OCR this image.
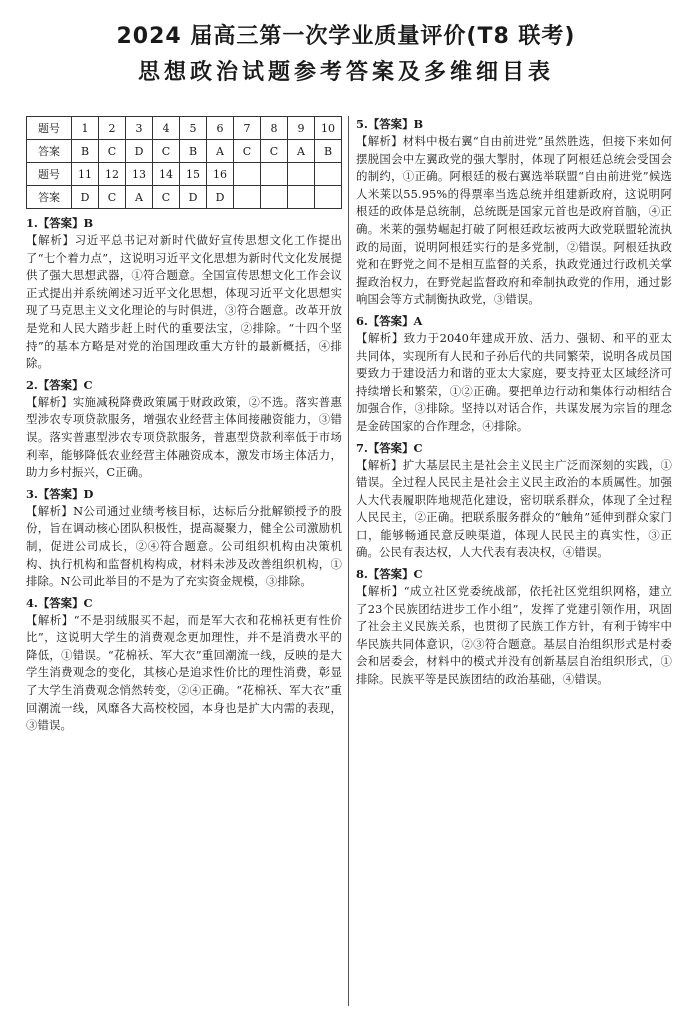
2024 届高三第一次学业质量评价(T8 联考)
思想政治试题参考答案及多维细目表
题号	1	2	3	4	5	6	7	8	9	10
答案	B	C	D	C	B	A	C	C	A	B
题号	11	12	13	14	15	16				
答案	D	C	A	C	D	D				

1.【答案】B

【解析】习近平总书记对新时代做好宣传思想文化工作提出了“七个着力点”，这说明习近平文化思想为新时代文化发展提供了强大思想武器，①符合题意。全国宣传思想文化工作会议正式提出并系统阐述习近平文化思想，体现习近平文化思想实现了马克思主义文化理论的与时俱进，③符合题意。改革开放是党和人民大踏步赶上时代的重要法宝，②排除。“十四个坚持”的基本方略是对党的治国理政重大方针的最新概括，④排除。

2.【答案】C

【解析】实施减税降费政策属于财政政策，②不选。落实普惠型涉农专项贷款服务，增强农业经营主体间接融资能力，③错误。落实普惠型涉农专项贷款服务，普惠型贷款利率低于市场利率，能够降低农业经营主体融资成本，激发市场主体活力，助力乡村振兴，C正确。

3.【答案】D

【解析】N公司通过业绩考核目标，达标后分批解锁授予的股份，旨在调动核心团队积极性，提高凝聚力，健全公司激励机制，促进公司成长，②④符合题意。公司组织机构由决策机构、执行机构和监督机构构成，材料未涉及改善组织机构，①排除。N公司此举目的不是为了充实资金规模，③排除。

4.【答案】C

【解析】“不是羽绒服买不起，而是军大衣和花棉袄更有性价比”，这说明大学生的消费观念更加理性，并不是消费水平的降低，①错误。“花棉袄、军大衣”重回潮流一线，反映的是大学生消费观念的变化，其核心是追求性价比的理性消费，彰显了大学生消费观念悄然转变，②④正确。“花棉袄、军大衣”重回潮流一线，风靡各大高校校园，本身也是扩大内需的表现，③错误。

5.【答案】B

【解析】材料中极右翼“自由前进党”虽然胜选，但接下来如何摆脱国会中左翼政党的强大掣肘，体现了阿根廷总统会受国会的制约，①正确。阿根廷的极右翼选举联盟“自由前进党”候选人米莱以55.95%的得票率当选总统并组建新政府，这说明阿根廷的政体是总统制，总统既是国家元首也是政府首脑，④正确。米莱的强势崛起打破了阿根廷政坛被两大政党联盟轮流执政的局面，说明阿根廷实行的是多党制，②错误。阿根廷执政党和在野党之间不是相互监督的关系，执政党通过行政机关掌握政治权力，在野党起监督政府和牵制执政党的作用，通过影响国会等方式制衡执政党，③错误。

6.【答案】A

【解析】致力于2040年建成开放、活力、强韧、和平的亚太共同体，实现所有人民和子孙后代的共同繁荣，说明各成员国要致力于建设活力和谐的亚太大家庭，要支持亚太区域经济可持续增长和繁荣，①②正确。要把单边行动和集体行动相结合加强合作，③排除。坚持以对话合作，共谋发展为宗旨的理念是金砖国家的合作理念，④排除。

7.【答案】C

【解析】扩大基层民主是社会主义民主广泛而深刻的实践，①错误。全过程人民民主是社会主义民主政治的本质属性。加强人大代表履职阵地规范化建设，密切联系群众，体现了全过程人民民主，②正确。把联系服务群众的“触角”延伸到群众家门口，能够畅通民意反映渠道，体现人民民主的真实性，③正确。公民有表达权，人大代表有表决权，④错误。

8.【答案】C

【解析】“成立社区党委统战部，依托社区党组织网格，建立了23个民族团结进步工作小组”，发挥了党建引领作用，巩固了社会主义民族关系，也贯彻了民族工作方针，有利于铸牢中华民族共同体意识，②③符合题意。基层自治组织形式是村委会和居委会，材料中的模式并没有创新基层自治组织形式，①排除。民族平等是民族团结的政治基础，④错误。
